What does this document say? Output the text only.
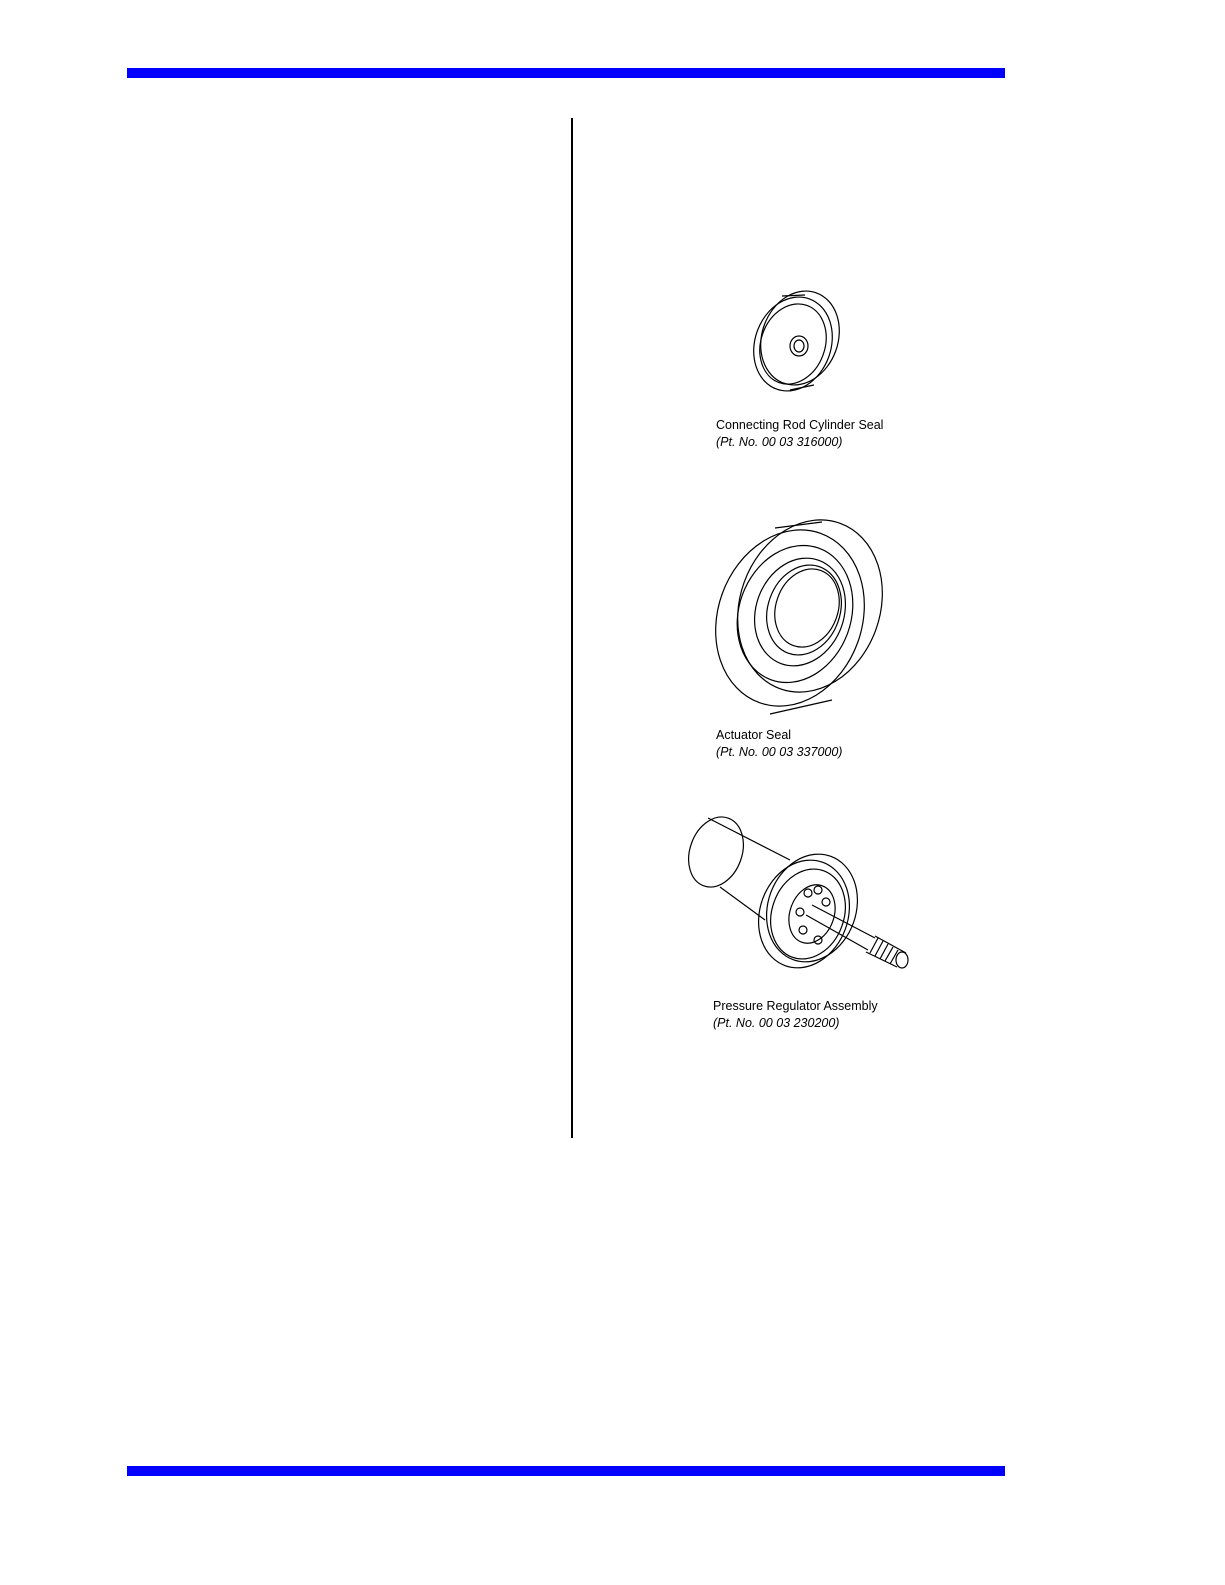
Connecting Rod Cylinder Seal
(Pt. No. 00 03 316000)
Actuator Seal
(Pt. No. 00 03 337000)
Pressure Regulator Assembly
(Pt. No. 00 03 230200)
